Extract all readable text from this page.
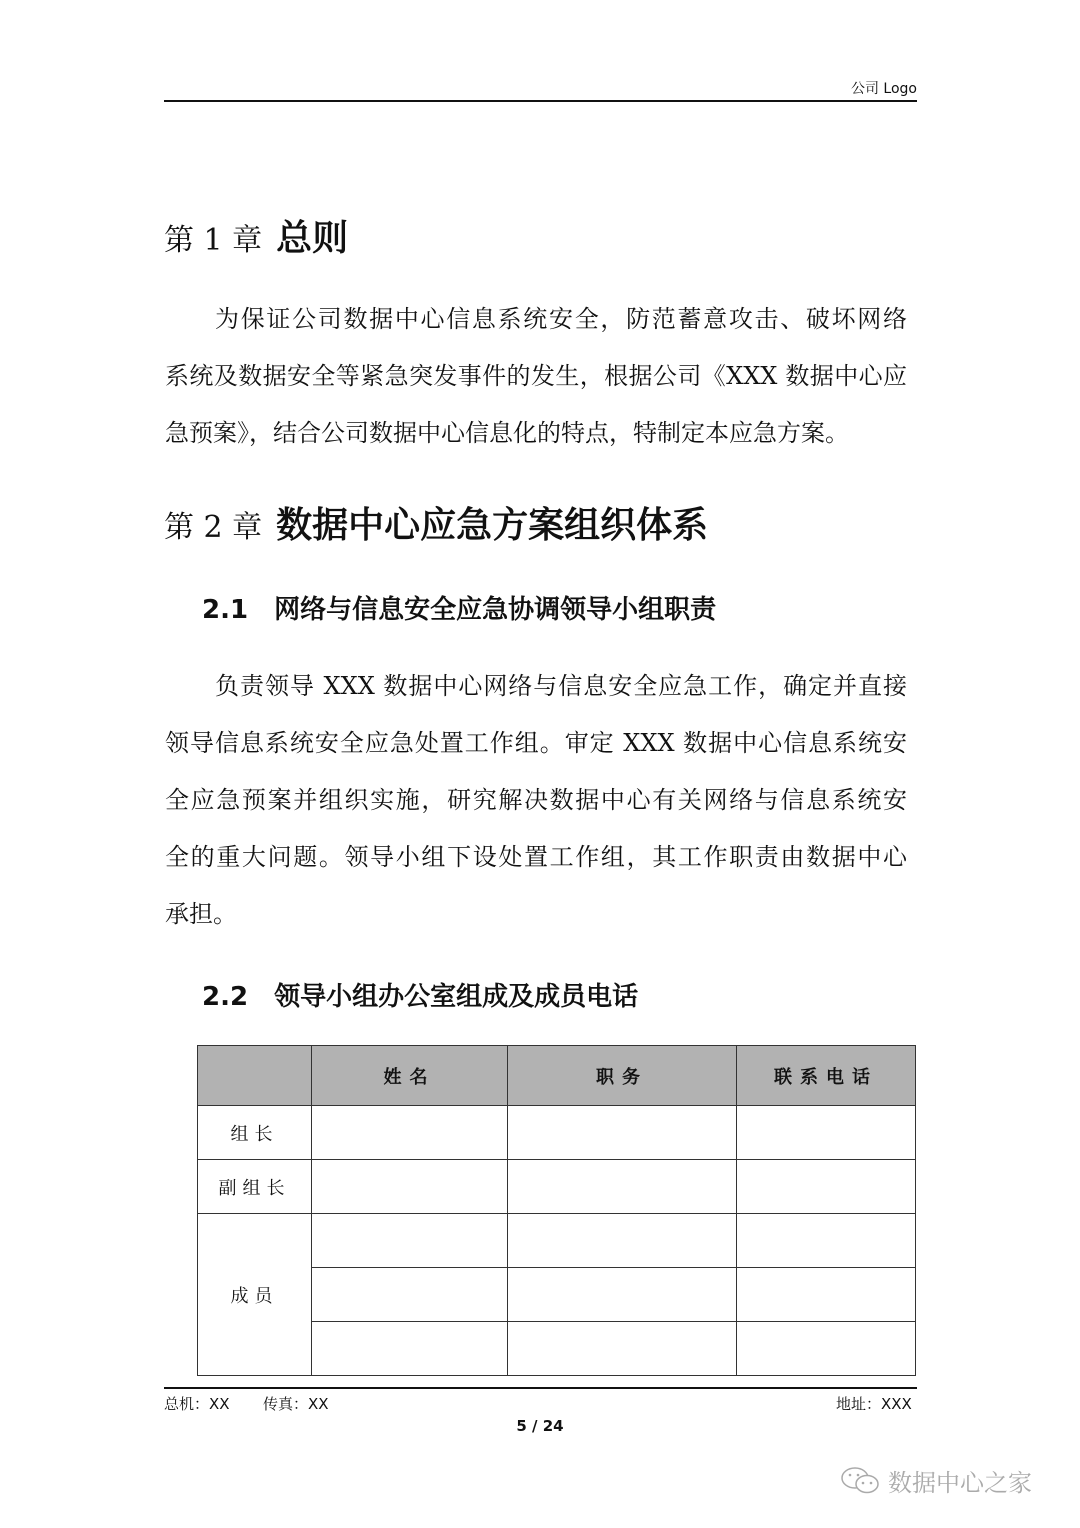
公司 Logo
第 1 章 总则
为保证公司数据中心信息系统安全，防范蓄意攻击、破坏网络
系统及数据安全等紧急突发事件的发生，根据公司《XXX 数据中心应
急预案》，结合公司数据中心信息化的特点，特制定本应急方案。
第 2 章 数据中心应急方案组织体系
2.1 网络与信息安全应急协调领导小组职责
负责领导 XXX 数据中心网络与信息安全应急工作，确定并直接
领导信息系统安全应急处置工作组。审定 XXX 数据中心信息系统安
全应急预案并组织实施，研究解决数据中心有关网络与信息系统安
全的重大问题。领导小组下设处置工作组，其工作职责由数据中心
承担。
2.2 领导小组办公室组成及成员电话
	姓名	职务	联系电话
组长			
副组长			
成员			

总机：XX 传真：XX	地址：XXX
5 / 24
数据中心之家
